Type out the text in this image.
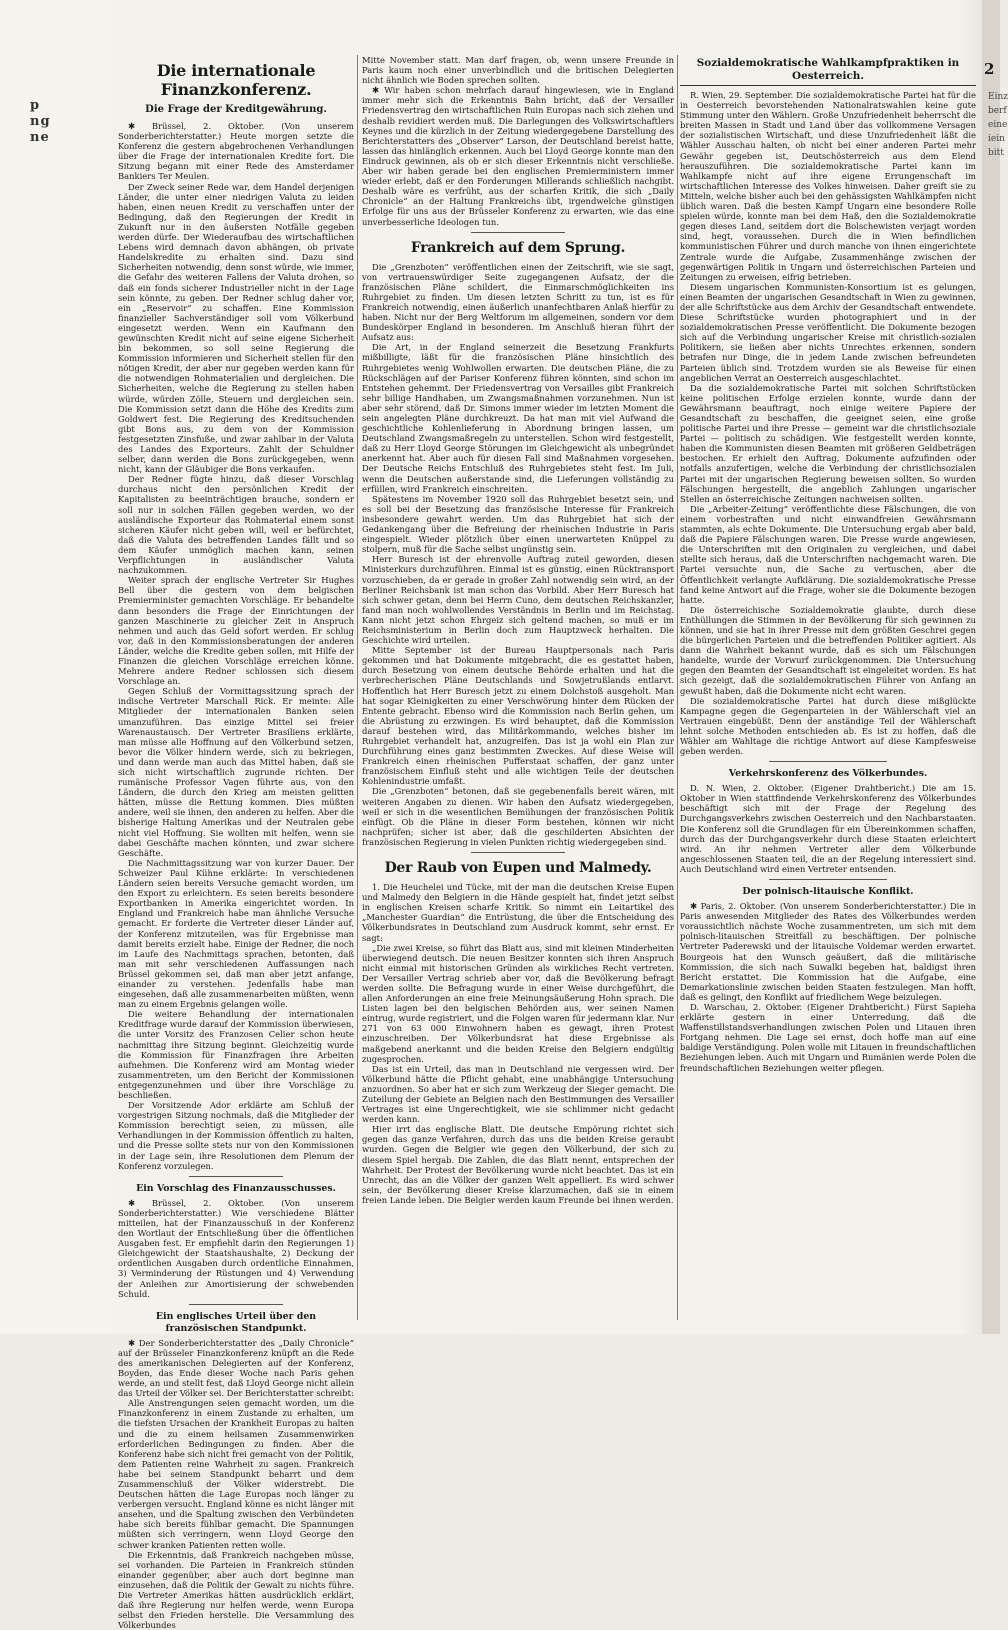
p
ng
ne
2
Einz berf eine iein bitt
Die internationale Finanzkonferenz.
Die Frage der Kreditgewährung.

✱ Brüssel, 2. Oktober. (Von unserem Sonderberichterstatter.) Heute morgen setzte die Konferenz die gestern abgebrochenen Verhandlungen über die Frage der internationalen Kredite fort. Die Sitzung begann mit einer Rede des Amsterdamer Bankiers Ter Meulen.

Der Zweck seiner Rede war, dem Handel derjenigen Länder, die unter einer niedrigen Valuta zu leiden haben, einen neuen Kredit zu verschaffen unter der Bedingung, daß den Regierungen der Kredit in Zukunft nur in den äußersten Notfälle gegeben werden dürfe. Der Wiederaufbau des wirtschaftlichen Lebens wird demnach davon abhängen, ob private Handelskredite zu erhalten sind. Dazu sind Sicherheiten notwendig, denn sonst würde, wie immer, die Gefahr des weiteren Fallens der Valuta drohen, so daß ein fonds sicherer Industrieller nicht in der Lage sein könnte, zu geben. Der Redner schlug daher vor, ein „Reservoir“ zu schaffen. Eine Kommission finanzieller Sachverständiger soll vom Völkerbund eingesetzt werden. Wenn ein Kaufmann den gewünschten Kredit nicht auf seine eigene Sicherheit bin bekommen, so soll seine Regierung die Kommission informieren und Sicherheit stellen für den nötigen Kredit, der aber nur gegeben werden kann für die notwendigen Rohmaterialien und dergleichen. Die Sicherheiten, welche die Regierung zu stellen haben würde, würden Zölle, Steuern und dergleichen sein. Die Kommission setzt dann die Höhe des Kredits zum Goldwert fest. Die Regierung des Kreditsuchenden gibt Bons aus, zu dem von der Kommission festgesetzten Zinsfuße, und zwar zahlbar in der Valuta des Landes des Exporteurs. Zahlt der Schuldner selber, dann werden die Bons zurückgegeben, wenn nicht, kann der Gläubiger die Bons verkaufen.

Der Redner fügte hinzu, daß dieser Vorschlag durchaus nicht den persönlichen Kredit der Kapitalisten zu beeinträchtigen brauche, sondern er soll nur in solchen Fällen gegeben werden, wo der ausländische Exporteur das Rohmaterial einem sonst sicheren Käufer nicht geben will, weil er befürchtet, daß die Valuta des betreffenden Landes fällt und so dem Käufer unmöglich machen kann, seinen Verpflichtungen in ausländischer Valuta nachzukommen.

Weiter sprach der englische Vertreter Sir Hughes Bell über die gestern von dem belgischen Premierminister gemachten Vorschläge. Er behandelte dann besonders die Frage der Einrichtungen der ganzen Maschinerie zu gleicher Zeit in Anspruch nehmen und auch das Geld sofort werden. Er schlug vor, daß in den Kommissionsberatungen der anderen Länder, welche die Kredite geben sollen, mit Hilfe der Finanzen die gleichen Vorschläge erreichen könne. Mehrere andere Redner schlossen sich diesem Vorschlage an.

Gegen Schluß der Vormittagssitzung sprach der indische Vertreter Marschall Rick. Er meinte: Alle Mitglieder der internationalen Banken seien umanzuführen. Das einzige Mittel sei freier Warenaustausch. Der Vertreter Brasiliens erklärte, man müsse alle Hoffnung auf den Völkerbund setzen, bevor die Völker hindern werde, sich zu bekriegen, und dann werde man auch das Mittel haben, daß sie sich nicht wirtschaftlich zugrunde richten. Der rumänische Professor Vagen führte aus, von den Ländern, die durch den Krieg am meisten gelitten hätten, müsse die Rettung kommen. Dies müßten andere, weil sie ihnen, den anderen zu helfen. Aber die bisherige Haltung Amerikas und der Neutralen gebe nicht viel Hoffnung. Sie wollten mit helfen, wenn sie dabei Geschäfte machen könnten, und zwar sichere Geschäfte.

Die Nachmittagssitzung war von kurzer Dauer. Der Schweizer Paul Kühne erklärte: In verschiedenen Ländern seien bereits Versuche gemacht worden, um den Export zu erleichtern. Es seien bereits besondere Exportbanken in Amerika eingerichtet worden. In England und Frankreich habe man ähnliche Versuche gemacht. Er forderte die Vertreter dieser Länder auf, der Konferenz mitzuteilen, was für Ergebnisse man damit bereits erzielt habe. Einige der Redner, die noch im Laufe des Nachmittags sprachen, betonten, daß man mit sehr verschiedenen Auffassungen nach Brüssel gekommen sei, daß man aber jetzt anfange, einander zu verstehen. Jedenfalls habe man eingesehen, daß alle zusammenarbeiten müßten, wenn man zu einem Ergebnis gelangen wolle.

Die weitere Behandlung der internationalen Kreditfrage wurde darauf der Kommission überwiesen, die unter Vorsitz des Franzosen Celier schon heute nachmittag ihre Sitzung beginnt. Gleichzeitig wurde die Kommission für Finanzfragen ihre Arbeiten aufnehmen. Die Konferenz wird am Montag wieder zusammentreten, um den Bericht der Kommissionen entgegenzunehmen und über ihre Vorschläge zu beschließen.

Der Vorsitzende Ador erklärte am Schluß der vorgestrigen Sitzung nochmals, daß die Mitglieder der Kommission berechtigt seien, zu müssen, alle Verhandlungen in der Kommission öffentlich zu halten, und die Presse sollte stets nur von den Kommissionen in der Lage sein, ihre Resolutionen dem Plenum der Konferenz vorzulegen.

Ein Vorschlag des Finanzausschusses.

✱ Brüssel, 2. Oktober. (Von unserem Sonderberichterstatter.) Wie verschiedene Blätter mitteilen, hat der Finanzausschuß in der Konferenz den Wortlaut der Entschließung über die öffentlichen Ausgaben fest. Er empfiehlt darin den Regierungen 1) Gleichgewicht der Staatshaushalte, 2) Deckung der ordentlichen Ausgaben durch ordentliche Einnahmen, 3) Verminderung der Rüstungen und 4) Verwendung der Anleihen zur Amortisierung der schwebenden Schuld.

Ein englisches Urteil über den französischen Standpunkt.

✱ Der Sonderberichterstatter des „Daily Chronicle“ auf der Brüsseler Finanzkonferenz knüpft an die Rede des amerikanischen Delegierten auf der Konferenz, Boyden, das Ende dieser Woche nach Paris gehen werde, an und stellt fest, daß Lloyd George nicht allein das Urteil der Völker sei. Der Berichterstatter schreibt:

Alle Anstrengungen seien gemacht worden, um die Finanzkonferenz in einem Zustande zu erhalten, um die tiefsten Ursachen der Krankheit Europas zu halten und die zu einem heilsamen Zusammenwirken erforderlichen Bedingungen zu finden. Aber die Konferenz habe sich nicht frei gemacht von der Politik, dem Patienten reine Wahrheit zu sagen. Frankreich habe bei seinem Standpunkt beharrt und dem Zusammenschluß der Völker widerstrebt. Die Deutschen hätten die Lage Europas noch länger zu verbergen versucht. England könne es nicht länger mit ansehen, und die Spaltung zwischen den Verbündeten habe sich bereits fühlbar gemacht. Die Spannungen müßten sich verringern, wenn Lloyd George den schwer kranken Patienten retten wolle.

Die Erkenntnis, daß Frankreich nachgeben müsse, sei vorhanden. Die Parteien in Frankreich stünden einander gegenüber, aber auch dort beginne man einzusehen, daß die Politik der Gewalt zu nichts führe. Die Vertreter Amerikas hätten ausdrücklich erklärt, daß ihre Regierung nur helfen werde, wenn Europa selbst den Frieden herstelle. Die Versammlung des Völkerbundes

Mitte November statt. Man darf fragen, ob, wenn unsere Freunde in Paris kaum noch einer unverbindlich und die britischen Delegierten nicht ähnlich wie Boden sprechen sollten.

✱ Wir haben schon mehrfach darauf hingewiesen, wie in England immer mehr sich die Erkenntnis Bahn bricht, daß der Versailler Friedensvertrag den wirtschaftlichen Ruin Europas nach sich ziehen und deshalb revidiert werden muß. Die Darlegungen des Volkswirtschaftlers Keynes und die kürzlich in der Zeitung wiedergegebene Darstellung des Berichterstatters des „Observer“ Larson, der Deutschland bereist hatte, lassen das hinlänglich erkennen. Auch bei Lloyd George konnte man den Eindruck gewinnen, als ob er sich dieser Erkenntnis nicht verschließe. Aber wir haben gerade bei den englischen Premierministern immer wieder erlebt, daß er den Forderungen Millerands schließlich nachgibt. Deshalb wäre es verfrüht, aus der scharfen Kritik, die sich „Daily Chronicle“ an der Haltung Frankreichs übt, irgendwelche günstigen Erfolge für uns aus der Brüsseler Konferenz zu erwarten, wie das eine unverbesserliche Ideologen tun.

Frankreich auf dem Sprung.

Die „Grenzboten“ veröffentlichen einen der Zeitschrift, wie sie sagt, von vertrauenswürdiger Seite zugegangenen Aufsatz, der die französischen Pläne schildert, die Einmarschmöglichkeiten ins Ruhrgebiet zu finden. Um diesen letzten Schritt zu tun, ist es für Frankreich notwendig, einen äußerlich unanfechtbaren Anlaß hierfür zu haben. Nicht nur der Berg Weltforum im allgemeinen, sondern vor dem Bundeskörper England in besonderen. Im Anschluß hieran führt der Aufsatz aus:

Die Art, in der England seinerzeit die Besetzung Frankfurts mißbilligte, läßt für die französischen Pläne hinsichtlich des Ruhrgebietes wenig Wohlwollen erwarten. Die deutschen Pläne, die zu Rückschlägen auf der Pariser Konferenz führen könnten, sind schon im Entstehen gehemmt. Der Friedensvertrag von Versailles gibt Frankreich sehr billige Handhaben, um Zwangsmaßnahmen vorzunehmen. Nun ist aber sehr störend, daß Dr. Simons immer wieder im letzten Moment die sein angelegten Pläne durchkreuzt. Da hat man mit viel Aufwand die geschichtliche Kohlenlieferung in Abordnung bringen lassen, um Deutschland Zwangsmaßregeln zu unterstellen. Schon wird festgestellt, daß zu Herr Lloyd George Störungen im Gleichgewicht als unbegründet anerkennt hat. Aber auch für diesen Fall sind Maßnahmen vorgesehen. Der Deutsche Reichs Entschluß des Ruhrgebietes steht fest. Im Juli, wenn die Deutschen außerstande sind, die Lieferungen vollständig zu erfüllen, wird Frankreich einschreiten.

Spätestens im November 1920 soll das Ruhrgebiet besetzt sein, und es soll bei der Besetzung das französische Interesse für Frankreich insbesondere gewahrt werden. Um das Ruhrgebiet hat sich der Gedankengang über die Befreiung der rheinischen Industrie in Paris eingespielt. Wieder plötzlich über einen unerwarteten Knüppel zu stolpern, muß für die Sache selbst ungünstig sein.

Herr Buresch ist der ehrenvolle Auftrag zuteil geworden, diesen Ministerkurs durchzuführen. Einmal ist es günstig, einen Rücktransport vorzuschieben, da er gerade in großer Zahl notwendig sein wird, an der Berliner Reichsbank ist man schon das Vorbild. Aber Herr Buresch hat sich schwer getan, denn bei Herrn Cuno, dem deutschen Reichskanzler, fand man noch wohlwollendes Verständnis in Berlin und im Reichstag. Kann nicht jetzt schon Ehrgeiz sich geltend machen, so muß er im Reichsministerium in Berlin doch zum Hauptzweck herhalten. Die Geschichte wird urteilen.

Mitte September ist der Bureau Hauptpersonals nach Paris gekommen und hat Dokumente mitgebracht, die es gestattet haben, durch Besetzung von einem deutsche Behörde erhalten und hat die verbrecherischen Pläne Deutschlands und Sowjetrußlands entlarvt. Hoffentlich hat Herr Buresch jetzt zu einem Dolchstoß ausgeholt. Man hat sogar Kleinigkeiten zu einer Verschwörung hinter dem Rücken der Entente gebracht. Ebenso wird die Kommission nach Berlin gehen, um die Abrüstung zu erzwingen. Es wird behauptet, daß die Kommission darauf bestehen wird, das Militärkommando, welches bisher im Ruhrgebiet verhandelt hat, anzugreifen. Das ist ja wohl ein Plan zur Durchführung eines ganz bestimmten Zweckes. Auf diese Weise will Frankreich einen rheinischen Pufferstaat schaffen, der ganz unter französischem Einfluß steht und alle wichtigen Teile der deutschen Kohlenindustrie umfaßt.

Die „Grenzboten“ betonen, daß sie gegebenenfalls bereit wären, mit weiteren Angaben zu dienen. Wir haben den Aufsatz wiedergegeben, weil er sich in die wesentlichen Bemühungen der französischen Politik einfügt. Ob die Pläne in dieser Form bestehen, können wir nicht nachprüfen; sicher ist aber, daß die geschilderten Absichten der französischen Regierung in vielen Punkten richtig wiedergegeben sind.

Der Raub von Eupen und Malmedy.

1. Die Heuchelei und Tücke, mit der man die deutschen Kreise Eupen und Malmedy den Belgiern in die Hände gespielt hat, findet jetzt selbst in englischen Kreisen scharfe Kritik. So nimmt ein Leitartikel des „Manchester Guardian“ die Entrüstung, die über die Entscheidung des Völkerbundsrates in Deutschland zum Ausdruck kommt, sehr ernst. Er sagt:

„Die zwei Kreise, so führt das Blatt aus, sind mit kleinen Minderheiten überwiegend deutsch. Die neuen Besitzer konnten sich ihren Anspruch nicht einmal mit historischen Gründen als wirkliches Recht vertreten. Der Versailler Vertrag schrieb aber vor, daß die Bevölkerung befragt werden sollte. Die Befragung wurde in einer Weise durchgeführt, die allen Anforderungen an eine freie Meinungsäußerung Hohn sprach. Die Listen lagen bei den belgischen Behörden aus, wer seinen Namen eintrug, wurde registriert, und die Folgen waren für jedermann klar. Nur 271 von 63 000 Einwohnern haben es gewagt, ihren Protest einzuschreiben. Der Völkerbundsrat hat diese Ergebnisse als maßgebend anerkannt und die beiden Kreise den Belgiern endgültig zugesprochen.

Das ist ein Urteil, das man in Deutschland nie vergessen wird. Der Völkerbund hätte die Pflicht gehabt, eine unabhängige Untersuchung anzuordnen. So aber hat er sich zum Werkzeug der Sieger gemacht. Die Zuteilung der Gebiete an Belgien nach den Bestimmungen des Versailler Vertrages ist eine Ungerechtigkeit, wie sie schlimmer nicht gedacht werden kann.

Hier irrt das englische Blatt. Die deutsche Empörung richtet sich gegen das ganze Verfahren, durch das uns die beiden Kreise geraubt wurden. Gegen die Belgier wie gegen den Völkerbund, der sich zu diesem Spiel hergab. Die Zahlen, die das Blatt nennt, entsprechen der Wahrheit. Der Protest der Bevölkerung wurde nicht beachtet. Das ist ein Unrecht, das an die Völker der ganzen Welt appelliert. Es wird schwer sein, der Bevölkerung dieser Kreise klarzumachen, daß sie in einem freien Lande leben. Die Belgier werden kaum Freunde bei ihnen werden.

Sozialdemokratische Wahlkampfpraktiken in Oesterreich.

R. Wien, 29. September. Die sozialdemokratische Partei hat für die in Oesterreich bevorstehenden Nationalratswahlen keine gute Stimmung unter den Wählern. Große Unzufriedenheit beherrscht die breiten Massen in Stadt und Land über das vollkommene Versagen der sozialistischen Wirtschaft, und diese Unzufriedenheit läßt die Wähler Ausschau halten, ob nicht bei einer anderen Partei mehr Gewähr gegeben ist, Deutschösterreich aus dem Elend herauszuführen. Die sozialdemokratische Partei kann im Wahlkampfe nicht auf ihre eigene Errungenschaft im wirtschaftlichen Interesse des Volkes hinweisen. Daher greift sie zu Mitteln, welche bisher auch bei den gehässigsten Wahlkämpfen nicht üblich waren. Daß die besten Kampf Ungarn eine besondere Rolle spielen würde, konnte man bei dem Haß, den die Sozialdemokratie gegen dieses Land, seitdem dort die Bolschewisten verjagt worden sind, hegt, voraussehen. Durch die in Wien befindlichen kommunistischen Führer und durch manche von ihnen eingerichtete Zentrale wurde die Aufgabe, Zusammenhänge zwischen der gegenwärtigen Politik in Ungarn und österreichischen Parteien und Zeitungen zu erweisen, eifrig betrieben.

Diesem ungarischen Kommunisten-Konsortium ist es gelungen, einen Beamten der ungarischen Gesandtschaft in Wien zu gewinnen, der alle Schriftstücke aus dem Archiv der Gesandtschaft entwendete. Diese Schriftstücke wurden photographiert und in der sozialdemokratischen Presse veröffentlicht. Die Dokumente bezogen sich auf die Verbindung ungarischer Kreise mit christlich-sozialen Politikern, sie ließen aber nichts Unrechtes erkennen, sondern betrafen nur Dinge, die in jedem Lande zwischen befreundeten Parteien üblich sind. Trotzdem wurden sie als Beweise für einen angeblichen Verrat an Oesterreich ausgeschlachtet.

Da die sozialdemokratische Partei mit solchen Schriftstücken keine politischen Erfolge erzielen konnte, wurde dann der Gewährsmann beauftragt, noch einige weitere Papiere der Gesandtschaft zu beschaffen, die geeignet seien, eine große politische Partei und ihre Presse — gemeint war die christlichsoziale Partei — politisch zu schädigen. Wie festgestellt werden konnte, haben die Kommunisten diesen Beamten mit größeren Geldbeträgen bestochen. Er erhielt den Auftrag, Dokumente aufzufinden oder notfalls anzufertigen, welche die Verbindung der christlichsozialen Partei mit der ungarischen Regierung beweisen sollten. So wurden Fälschungen hergestellt, die angeblich Zahlungen ungarischer Stellen an österreichische Zeitungen nachweisen sollten.

Die „Arbeiter-Zeitung“ veröffentlichte diese Fälschungen, die von einem vorbestraften und nicht einwandfreien Gewährsmann stammten, als echte Dokumente. Die Untersuchung ergab aber bald, daß die Papiere Fälschungen waren. Die Presse wurde angewiesen, die Unterschriften mit den Originalen zu vergleichen, und dabei stellte sich heraus, daß die Unterschriften nachgemacht waren. Die Partei versuchte nun, die Sache zu vertuschen, aber die Öffentlichkeit verlangte Aufklärung. Die sozialdemokratische Presse fand keine Antwort auf die Frage, woher sie die Dokumente bezogen hatte.

Die österreichische Sozialdemokratie glaubte, durch diese Enthüllungen die Stimmen in der Bevölkerung für sich gewinnen zu können, und sie hat in ihrer Presse mit dem größten Geschrei gegen die bürgerlichen Parteien und die betreffenden Politiker agitiert. Als dann die Wahrheit bekannt wurde, daß es sich um Fälschungen handelte, wurde der Vorwurf zurückgenommen. Die Untersuchung gegen den Beamten der Gesandtschaft ist eingeleitet worden. Es hat sich gezeigt, daß die sozialdemokratischen Führer von Anfang an gewußt haben, daß die Dokumente nicht echt waren.

Die sozialdemokratische Partei hat durch diese mißglückte Kampagne gegen die Gegenparteien in der Wählerschaft viel an Vertrauen eingebüßt. Denn der anständige Teil der Wählerschaft lehnt solche Methoden entschieden ab. Es ist zu hoffen, daß die Wähler am Wahltage die richtige Antwort auf diese Kampfesweise geben werden.

Verkehrskonferenz des Völkerbundes.

D. N. Wien, 2. Oktober. (Eigener Drahtbericht.) Die am 15. Oktober in Wien stattfindende Verkehrskonferenz des Völkerbundes beschäftigt sich mit der Frage der Regelung des Durchgangsverkehrs zwischen Oesterreich und den Nachbarstaaten. Die Konferenz soll die Grundlagen für ein Übereinkommen schaffen, durch das der Durchgangsverkehr durch diese Staaten erleichtert wird. An ihr nehmen Vertreter aller dem Völkerbunde angeschlossenen Staaten teil, die an der Regelung interessiert sind. Auch Deutschland wird einen Vertreter entsenden.

Der polnisch-litauische Konflikt.

✱ Paris, 2. Oktober. (Von unserem Sonderberichterstatter.) Die in Paris anwesenden Mitglieder des Rates des Völkerbundes werden voraussichtlich nächste Woche zusammentreten, um sich mit dem polnisch-litauischen Streitfall zu beschäftigen. Der polnische Vertreter Paderewski und der litauische Voldemar werden erwartet. Bourgeois hat den Wunsch geäußert, daß die militärische Kommission, die sich nach Suwalki begeben hat, baldigst ihren Bericht erstattet. Die Kommission hat die Aufgabe, eine Demarkationslinie zwischen beiden Staaten festzulegen. Man hofft, daß es gelingt, den Konflikt auf friedlichem Wege beizulegen.

D. Warschau, 2. Oktober. (Eigener Drahtbericht.) Fürst Sapieha erklärte gestern in einer Unterredung, daß die Waffenstillstandsverhandlungen zwischen Polen und Litauen ihren Fortgang nehmen. Die Lage sei ernst, doch hoffe man auf eine baldige Verständigung. Polen wolle mit Litauen in freundschaftlichen Beziehungen leben. Auch mit Ungarn und Rumänien werde Polen die freundschaftlichen Beziehungen weiter pflegen.
